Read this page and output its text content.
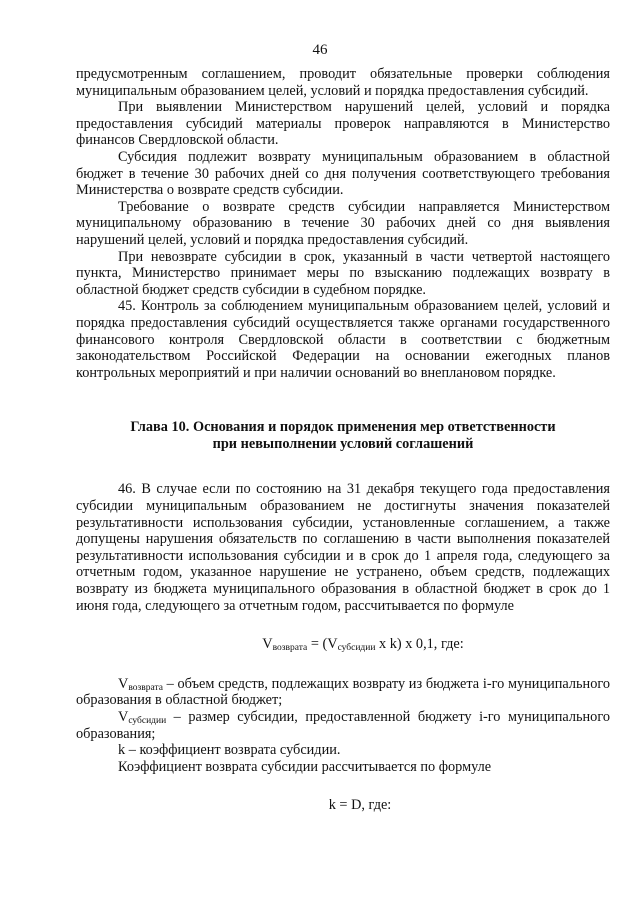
46

предусмотренным соглашением, проводит обязательные проверки соблюдения муниципальным образованием целей, условий и порядка предоставления субсидий.

При выявлении Министерством нарушений целей, условий и порядка предоставления субсидий материалы проверок направляются в Министерство финансов Свердловской области.

Субсидия подлежит возврату муниципальным образованием в областной бюджет в течение 30 рабочих дней со дня получения соответствующего требования Министерства о возврате средств субсидии.

Требование о возврате средств субсидии направляется Министерством муниципальному образованию в течение 30 рабочих дней со дня выявления нарушений целей, условий и порядка предоставления субсидий.

При невозврате субсидии в срок, указанный в части четвертой настоящего пункта, Министерство принимает меры по взысканию подлежащих возврату в областной бюджет средств субсидии в судебном порядке.

45. Контроль за соблюдением муниципальным образованием целей, условий и порядка предоставления субсидий осуществляется также органами государственного финансового контроля Свердловской области в соответствии с бюджетным законодательством Российской Федерации на основании ежегодных планов контрольных мероприятий и при наличии оснований во внеплановом порядке.

Глава 10. Основания и порядок применения мер ответственности
при невыполнении условий соглашений

46. В случае если по состоянию на 31 декабря текущего года предоставления субсидии муниципальным образованием не достигнуты значения показателей результативности использования субсидии, установленные соглашением, а также допущены нарушения обязательств по соглашению в части выполнения показателей результативности использования субсидии и в срок до 1 апреля года, следующего за отчетным годом, указанное нарушение не устранено, объем средств, подлежащих возврату из бюджета муниципального образования в областной бюджет в срок до 1 июня года, следующего за отчетным годом, рассчитывается по формуле

$V_{возврата} = (V_{субсидии}$ x k) x 0,1, где:

$V_{возврата}$ – объем средств, подлежащих возврату из бюджета i-го муниципального образования в областной бюджет;

$V_{субсидии}$ – размер субсидии, предоставленной бюджету i-го муниципального образования;

k – коэффициент возврата субсидии.

Коэффициент возврата субсидии рассчитывается по формуле

k = D, где:
